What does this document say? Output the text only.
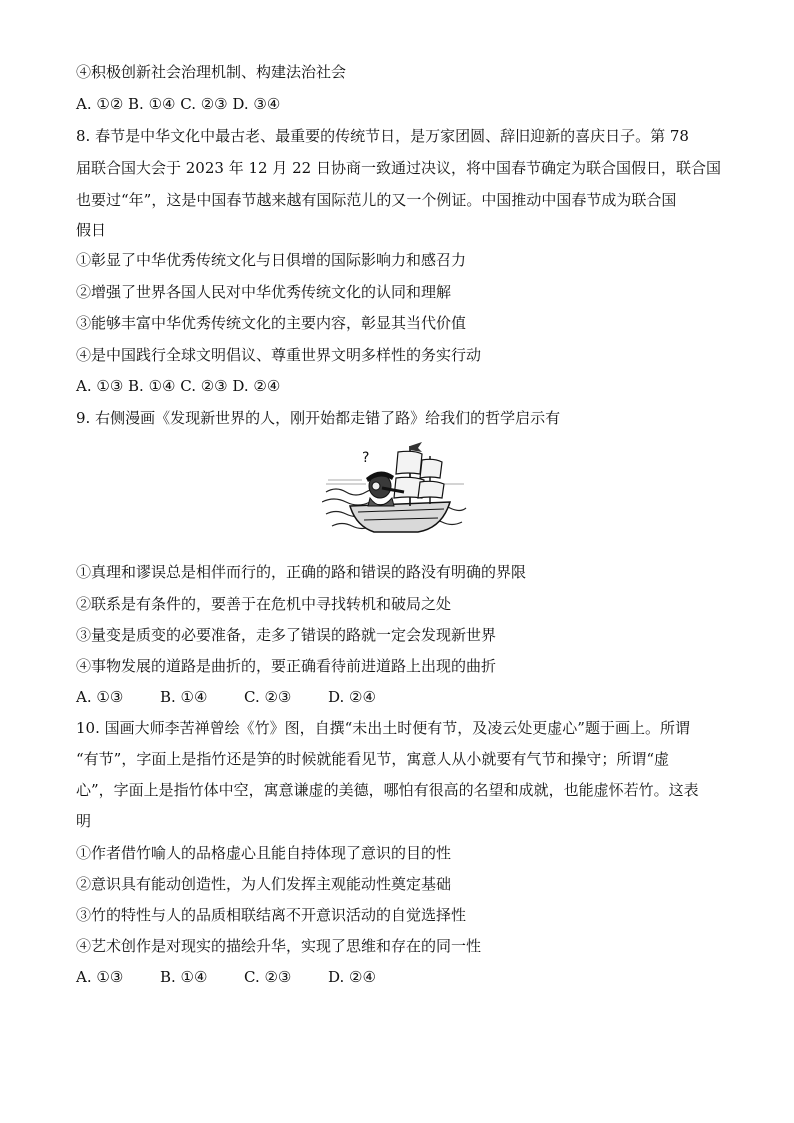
④积极创新社会治理机制、构建法治社会
A. ①② B. ①④ C. ②③ D. ③④
8. 春节是中华文化中最古老、最重要的传统节日，是万家团圆、辞旧迎新的喜庆日子。第 78
届联合国大会于 2023 年 12 月 22 日协商一致通过决议，将中国春节确定为联合国假日，联合国
也要过“年”，这是中国春节越来越有国际范儿的又一个例证。中国推动中国春节成为联合国
假日
①彰显了中华优秀传统文化与日俱增的国际影响力和感召力
②增强了世界各国人民对中华优秀传统文化的认同和理解
③能够丰富中华优秀传统文化的主要内容，彰显其当代价值
④是中国践行全球文明倡议、尊重世界文明多样性的务实行动
A. ①③ B. ①④ C. ②③ D. ②④
9. 右侧漫画《发现新世界的人，刚开始都走错了路》给我们的哲学启示有
?
①真理和谬误总是相伴而行的，正确的路和错误的路没有明确的界限
②联系是有条件的，要善于在危机中寻找转机和破局之处
③量变是质变的必要准备，走多了错误的路就一定会发现新世界
④事物发展的道路是曲折的，要正确看待前进道路上出现的曲折
A. ①③ B. ①④ C. ②③ D. ②④
10. 国画大师李苦禅曾绘《竹》图，自撰“未出土时便有节，及凌云处更虚心”题于画上。所谓
“有节”，字面上是指竹还是笋的时候就能看见节，寓意人从小就要有气节和操守；所谓“虚
心”，字面上是指竹体中空，寓意谦虚的美德，哪怕有很高的名望和成就，也能虚怀若竹。这表
明
①作者借竹喻人的品格虚心且能自持体现了意识的目的性
②意识具有能动创造性，为人们发挥主观能动性奠定基础
③竹的特性与人的品质相联结离不开意识活动的自觉选择性
④艺术创作是对现实的描绘升华，实现了思维和存在的同一性
A. ①③ B. ①④ C. ②③ D. ②④
